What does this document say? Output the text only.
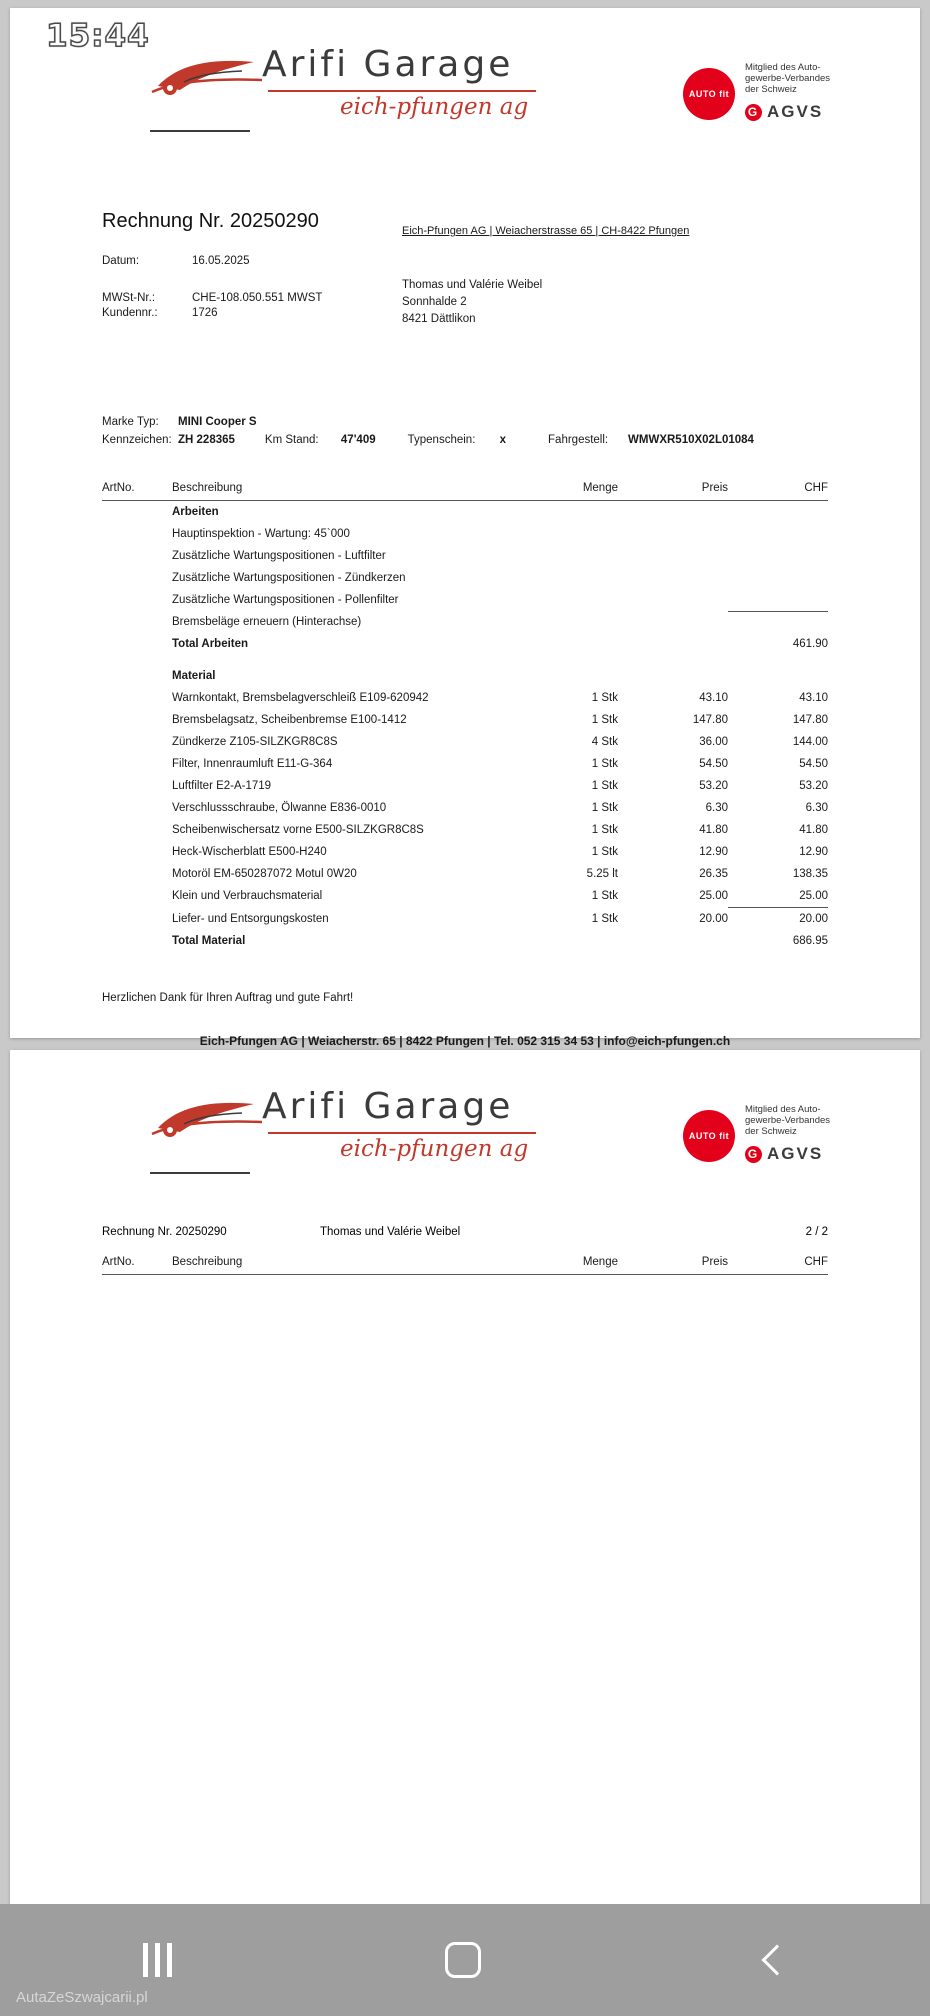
15:44
Arifi Garage
eich-pfungen ag	AUTO fit
Mitglied des Auto-
gewerbe-Verbandes
der Schweiz
G AGVS
Rechnung Nr. 20250290
Datum:	16.05.2025
MWSt-Nr.:	CHE-108.050.551 MWST
Kundennr.:	1726
Eich-Pfungen AG | Weiacherstrasse 65 | CH-8422 Pfungen
Thomas und Valérie Weibel
Sonnhalde 2
8421 Dättlikon
Marke Typ:	MINI Cooper S
Kennzeichen: ZH 228365	Km Stand:	47'409	Typenschein:	x	Fahrgestell:	WMWXR510X02L01084
ArtNo.	Beschreibung	Menge	Preis	CHF
	Arbeiten			
	Hauptinspektion - Wartung: 45`000			
	Zusätzliche Wartungspositionen - Luftfilter			
	Zusätzliche Wartungspositionen - Zündkerzen			
	Zusätzliche Wartungspositionen - Pollenfilter			
	Bremsbeläge erneuern (Hinterachse)			
	Total Arbeiten			461.90

	Material			
	Warnkontakt, Bremsbelagverschleiß E109-620942	1 Stk	43.10	43.10
	Bremsbelagsatz, Scheibenbremse E100-1412	1 Stk	147.80	147.80
	Zündkerze Z105-SILZKGR8C8S	4 Stk	36.00	144.00
	Filter, Innenraumluft E11-G-364	1 Stk	54.50	54.50
	Luftfilter E2-A-1719	1 Stk	53.20	53.20
	Verschlussschraube, Ölwanne E836-0010	1 Stk	6.30	6.30
	Scheibenwischersatz vorne E500-SILZKGR8C8S	1 Stk	41.80	41.80
	Heck-Wischerblatt E500-H240	1 Stk	12.90	12.90
	Motoröl EM-650287072 Motul 0W20	5.25 lt	26.35	138.35
	Klein und Verbrauchsmaterial	1 Stk	25.00	25.00
	Liefer- und Entsorgungskosten	1 Stk	20.00	20.00
	Total Material			686.95
Herzlichen Dank für Ihren Auftrag und gute Fahrt!
Eich-Pfungen AG | Weiacherstr. 65 | 8422 Pfungen | Tel. 052 315 34 53 | info@eich-pfungen.ch
Arifi Garage
eich-pfungen ag	AUTO fit
Mitglied des Auto-
gewerbe-Verbandes
der Schweiz
G AGVS
Rechnung Nr. 20250290	Thomas und Valérie Weibel	2 / 2
ArtNo.	Beschreibung	Menge	Preis	CHF
AutaZeSzwajcarii.pl
